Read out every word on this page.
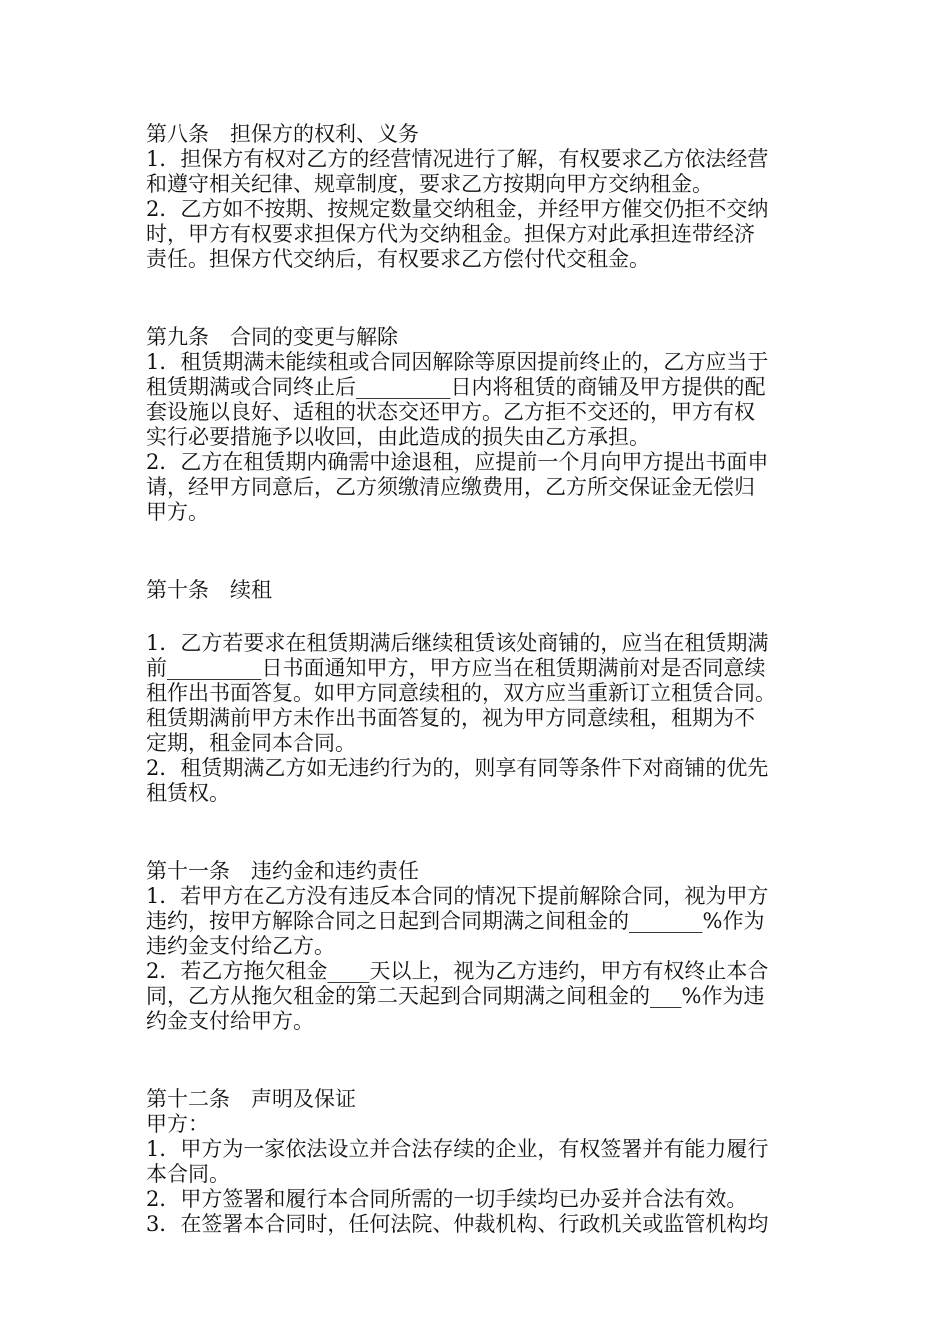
第八条　担保方的权利、义务
1．担保方有权对乙方的经营情况进行了解，有权要求乙方依法经营
和遵守相关纪律、规章制度，要求乙方按期向甲方交纳租金。
2．乙方如不按期、按规定数量交纳租金，并经甲方催交仍拒不交纳
时，甲方有权要求担保方代为交纳租金。担保方对此承担连带经济
责任。担保方代交纳后，有权要求乙方偿付代交租金。
第九条　合同的变更与解除
1．租赁期满未能续租或合同因解除等原因提前终止的，乙方应当于
租赁期满或合同终止后_________日内将租赁的商铺及甲方提供的配
套设施以良好、适租的状态交还甲方。乙方拒不交还的，甲方有权
实行必要措施予以收回，由此造成的损失由乙方承担。
2．乙方在租赁期内确需中途退租，应提前一个月向甲方提出书面申
请，经甲方同意后，乙方须缴清应缴费用，乙方所交保证金无偿归
甲方。
第十条　续租
1．乙方若要求在租赁期满后继续租赁该处商铺的，应当在租赁期满
前_________日书面通知甲方，甲方应当在租赁期满前对是否同意续
租作出书面答复。如甲方同意续租的，双方应当重新订立租赁合同。
租赁期满前甲方未作出书面答复的，视为甲方同意续租，租期为不
定期，租金同本合同。
2．租赁期满乙方如无违约行为的，则享有同等条件下对商铺的优先
租赁权。
第十一条　违约金和违约责任
1．若甲方在乙方没有违反本合同的情况下提前解除合同，视为甲方
违约，按甲方解除合同之日起到合同期满之间租金的_______%作为
违约金支付给乙方。
2．若乙方拖欠租金____天以上，视为乙方违约，甲方有权终止本合
同，乙方从拖欠租金的第二天起到合同期满之间租金的___%作为违
约金支付给甲方。
第十二条　声明及保证
甲方：
1．甲方为一家依法设立并合法存续的企业，有权签署并有能力履行
本合同。
2．甲方签署和履行本合同所需的一切手续均已办妥并合法有效。
3．在签署本合同时，任何法院、仲裁机构、行政机关或监管机构均
